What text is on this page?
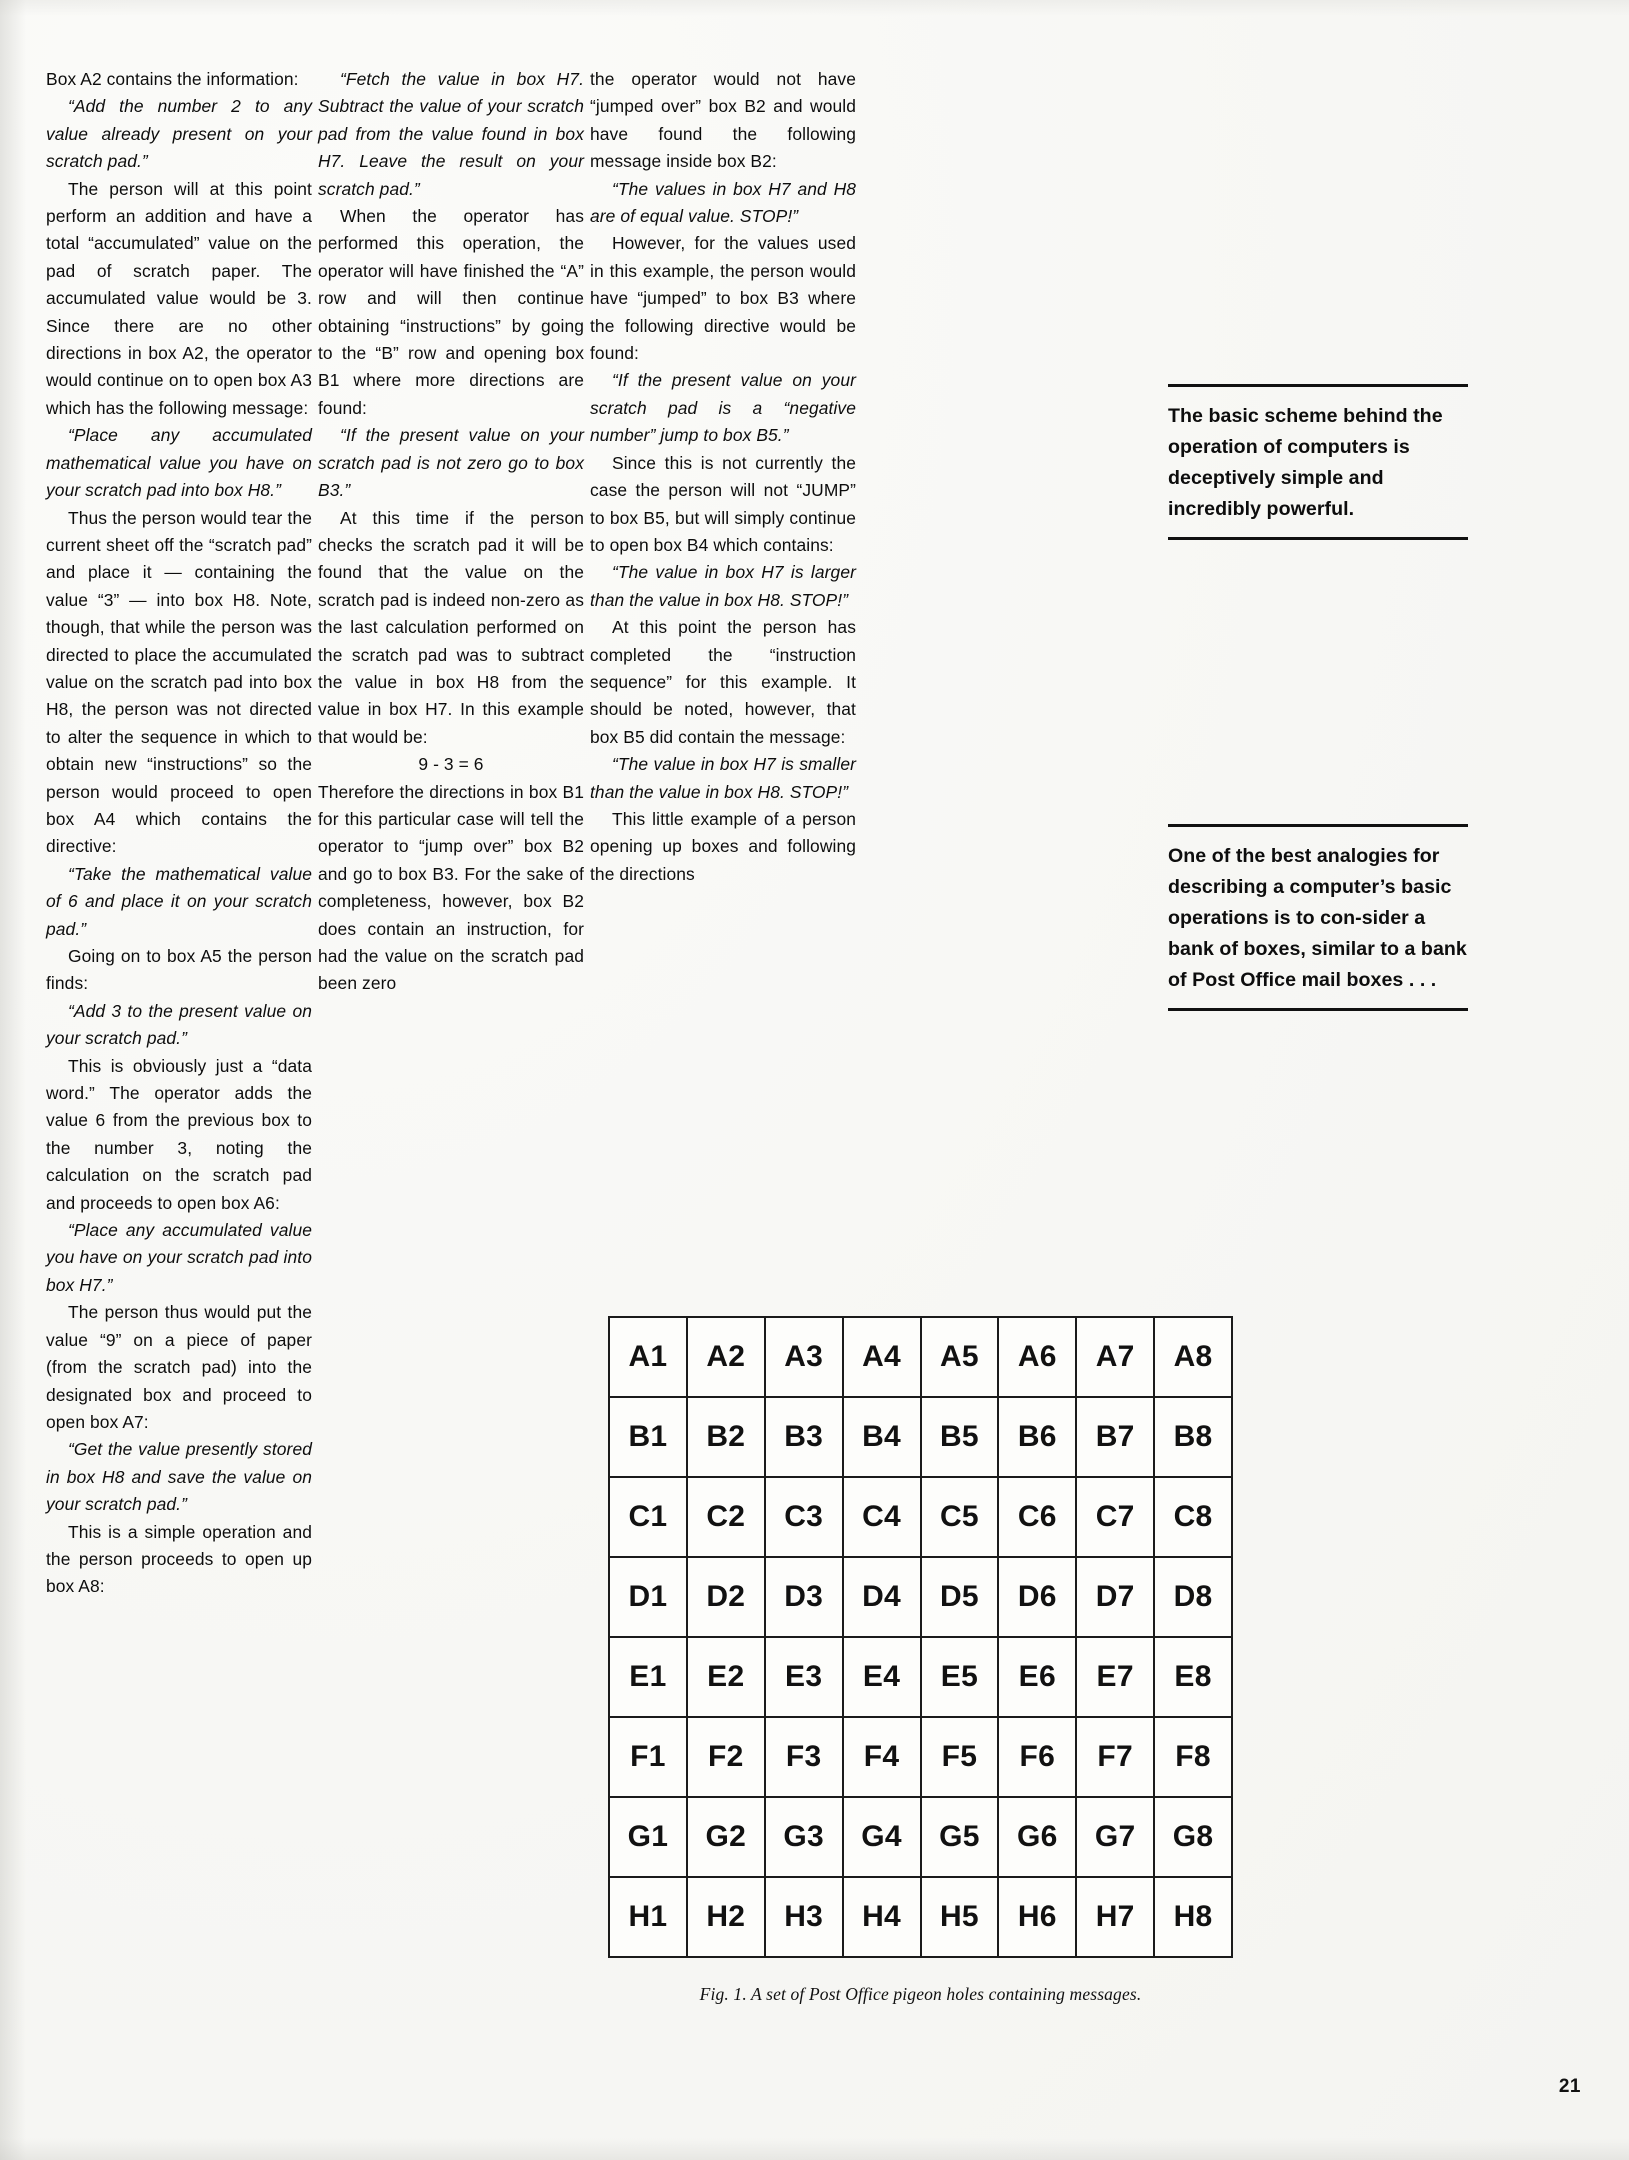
Box A2 contains the information:

“Add the number 2 to any value already present on your scratch pad.”

The person will at this point perform an addition and have a total “accumulated” value on the pad of scratch paper. The accumulated value would be 3. Since there are no other directions in box A2, the operator would continue on to open box A3 which has the following message:

“Place any accumulated mathematical value you have on your scratch pad into box H8.”

Thus the person would tear the current sheet off the “scratch pad” and place it — containing the value “3” — into box H8. Note, though, that while the person was directed to place the accumulated value on the scratch pad into box H8, the person was not directed to alter the sequence in which to obtain new “instructions” so the person would proceed to open box A4 which contains the directive:

“Take the mathematical value of 6 and place it on your scratch pad.”

Going on to box A5 the person finds:

“Add 3 to the present value on your scratch pad.”

This is obviously just a “data word.” The operator adds the value 6 from the previous box to the number 3, noting the calculation on the scratch pad and proceeds to open box A6:

“Place any accumulated value you have on your scratch pad into box H7.”

The person thus would put the value “9” on a piece of paper (from the scratch pad) into the designated box and proceed to open box A7:

“Get the value presently stored in box H8 and save the value on your scratch pad.”

This is a simple operation and the person proceeds to open up box A8:

“Fetch the value in box H7. Subtract the value of your scratch pad from the value found in box H7. Leave the result on your scratch pad.”

When the operator has performed this operation, the operator will have finished the “A” row and will then continue obtaining “instructions” by going to the “B” row and opening box B1 where more directions are found:

“If the present value on your scratch pad is not zero go to box B3.”

At this time if the person checks the scratch pad it will be found that the value on the scratch pad is indeed non-zero as the last calculation performed on the scratch pad was to subtract the value in box H8 from the value in box H7. In this example that would be:

9 - 3 = 6

Therefore the directions in box B1 for this particular case will tell the operator to “jump over” box B2 and go to box B3. For the sake of completeness, however, box B2 does contain an instruction, for had the value on the scratch pad been zero

the operator would not have “jumped over” box B2 and would have found the following message inside box B2:

“The values in box H7 and H8 are of equal value. STOP!”

However, for the values used in this example, the person would have “jumped” to box B3 where the following directive would be found:

“If the present value on your scratch pad is a “negative number” jump to box B5.”

Since this is not currently the case the person will not “JUMP” to box B5, but will simply continue to open box B4 which contains:

“The value in box H7 is larger than the value in box H8. STOP!”

At this point the person has completed the “instruction sequence” for this example. It should be noted, however, that box B5 did contain the message:

“The value in box H7 is smaller than the value in box H8. STOP!”

This little example of a person opening up boxes and following the directions

The basic scheme behind the operation of computers is deceptively simple and incredibly powerful.
One of the best analogies for describing a computer’s basic operations is to con-sider a bank of boxes, similar to a bank of Post Office mail boxes . . .
A1	A2	A3	A4	A5	A6	A7	A8
B1	B2	B3	B4	B5	B6	B7	B8
C1	C2	C3	C4	C5	C6	C7	C8
D1	D2	D3	D4	D5	D6	D7	D8
E1	E2	E3	E4	E5	E6	E7	E8
F1	F2	F3	F4	F5	F6	F7	F8
G1	G2	G3	G4	G5	G6	G7	G8
H1	H2	H3	H4	H5	H6	H7	H8
Fig. 1. A set of Post Office pigeon holes containing messages.
21
